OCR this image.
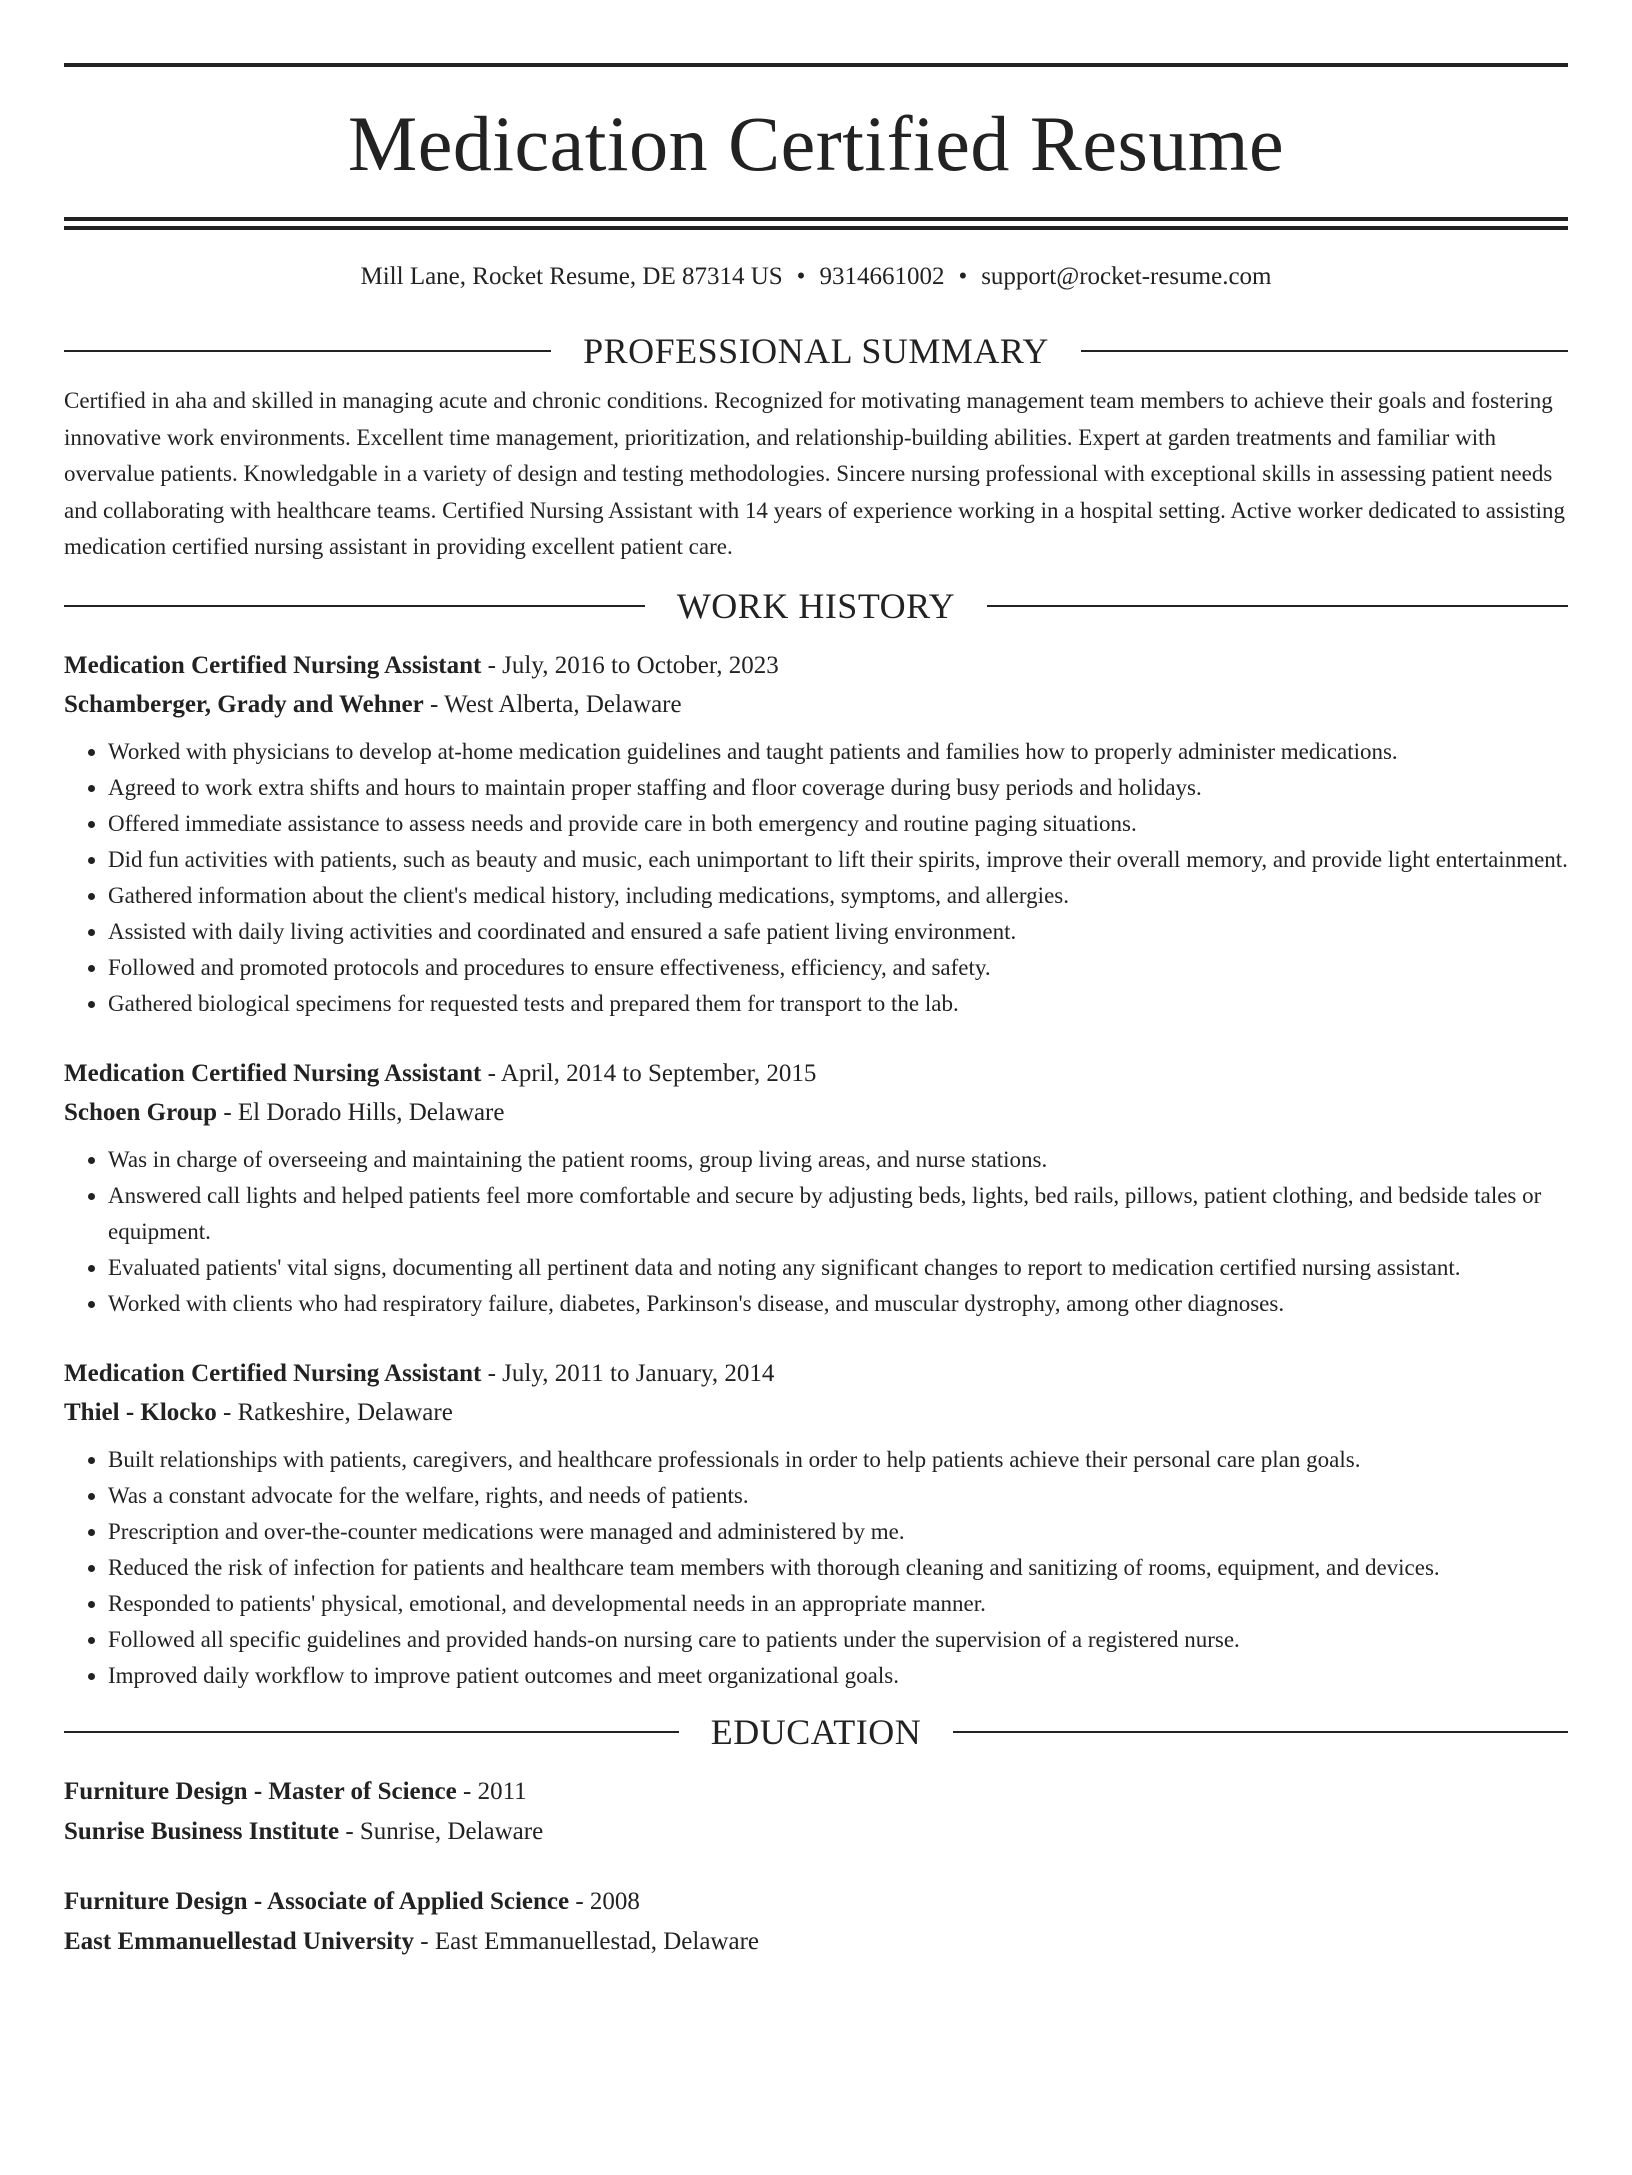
Medication Certified Resume
Mill Lane, Rocket Resume, DE 87314 US • 9314661002 • support@rocket-resume.com
PROFESSIONAL SUMMARY
Certified in aha and skilled in managing acute and chronic conditions. Recognized for motivating management team members to achieve their goals and fostering innovative work environments. Excellent time management, prioritization, and relationship-building abilities. Expert at garden treatments and familiar with overvalue patients. Knowledgable in a variety of design and testing methodologies. Sincere nursing professional with exceptional skills in assessing patient needs and collaborating with healthcare teams. Certified Nursing Assistant with 14 years of experience working in a hospital setting. Active worker dedicated to assisting medication certified nursing assistant in providing excellent patient care.
WORK HISTORY
Medication Certified Nursing Assistant - July, 2016 to October, 2023
Schamberger, Grady and Wehner - West Alberta, Delaware
• Worked with physicians to develop at-home medication guidelines and taught patients and families how to properly administer medications.
• Agreed to work extra shifts and hours to maintain proper staffing and floor coverage during busy periods and holidays.
• Offered immediate assistance to assess needs and provide care in both emergency and routine paging situations.
• Did fun activities with patients, such as beauty and music, each unimportant to lift their spirits, improve their overall memory, and provide light entertainment.
• Gathered information about the client's medical history, including medications, symptoms, and allergies.
• Assisted with daily living activities and coordinated and ensured a safe patient living environment.
• Followed and promoted protocols and procedures to ensure effectiveness, efficiency, and safety.
• Gathered biological specimens for requested tests and prepared them for transport to the lab.
Medication Certified Nursing Assistant - April, 2014 to September, 2015
Schoen Group - El Dorado Hills, Delaware
• Was in charge of overseeing and maintaining the patient rooms, group living areas, and nurse stations.
• Answered call lights and helped patients feel more comfortable and secure by adjusting beds, lights, bed rails, pillows, patient clothing, and bedside tales or equipment.
• Evaluated patients' vital signs, documenting all pertinent data and noting any significant changes to report to medication certified nursing assistant.
• Worked with clients who had respiratory failure, diabetes, Parkinson's disease, and muscular dystrophy, among other diagnoses.
Medication Certified Nursing Assistant - July, 2011 to January, 2014
Thiel - Klocko - Ratkeshire, Delaware
• Built relationships with patients, caregivers, and healthcare professionals in order to help patients achieve their personal care plan goals.
• Was a constant advocate for the welfare, rights, and needs of patients.
• Prescription and over-the-counter medications were managed and administered by me.
• Reduced the risk of infection for patients and healthcare team members with thorough cleaning and sanitizing of rooms, equipment, and devices.
• Responded to patients' physical, emotional, and developmental needs in an appropriate manner.
• Followed all specific guidelines and provided hands-on nursing care to patients under the supervision of a registered nurse.
• Improved daily workflow to improve patient outcomes and meet organizational goals.
EDUCATION
Furniture Design - Master of Science - 2011
Sunrise Business Institute - Sunrise, Delaware
Furniture Design - Associate of Applied Science - 2008
East Emmanuellestad University - East Emmanuellestad, Delaware
